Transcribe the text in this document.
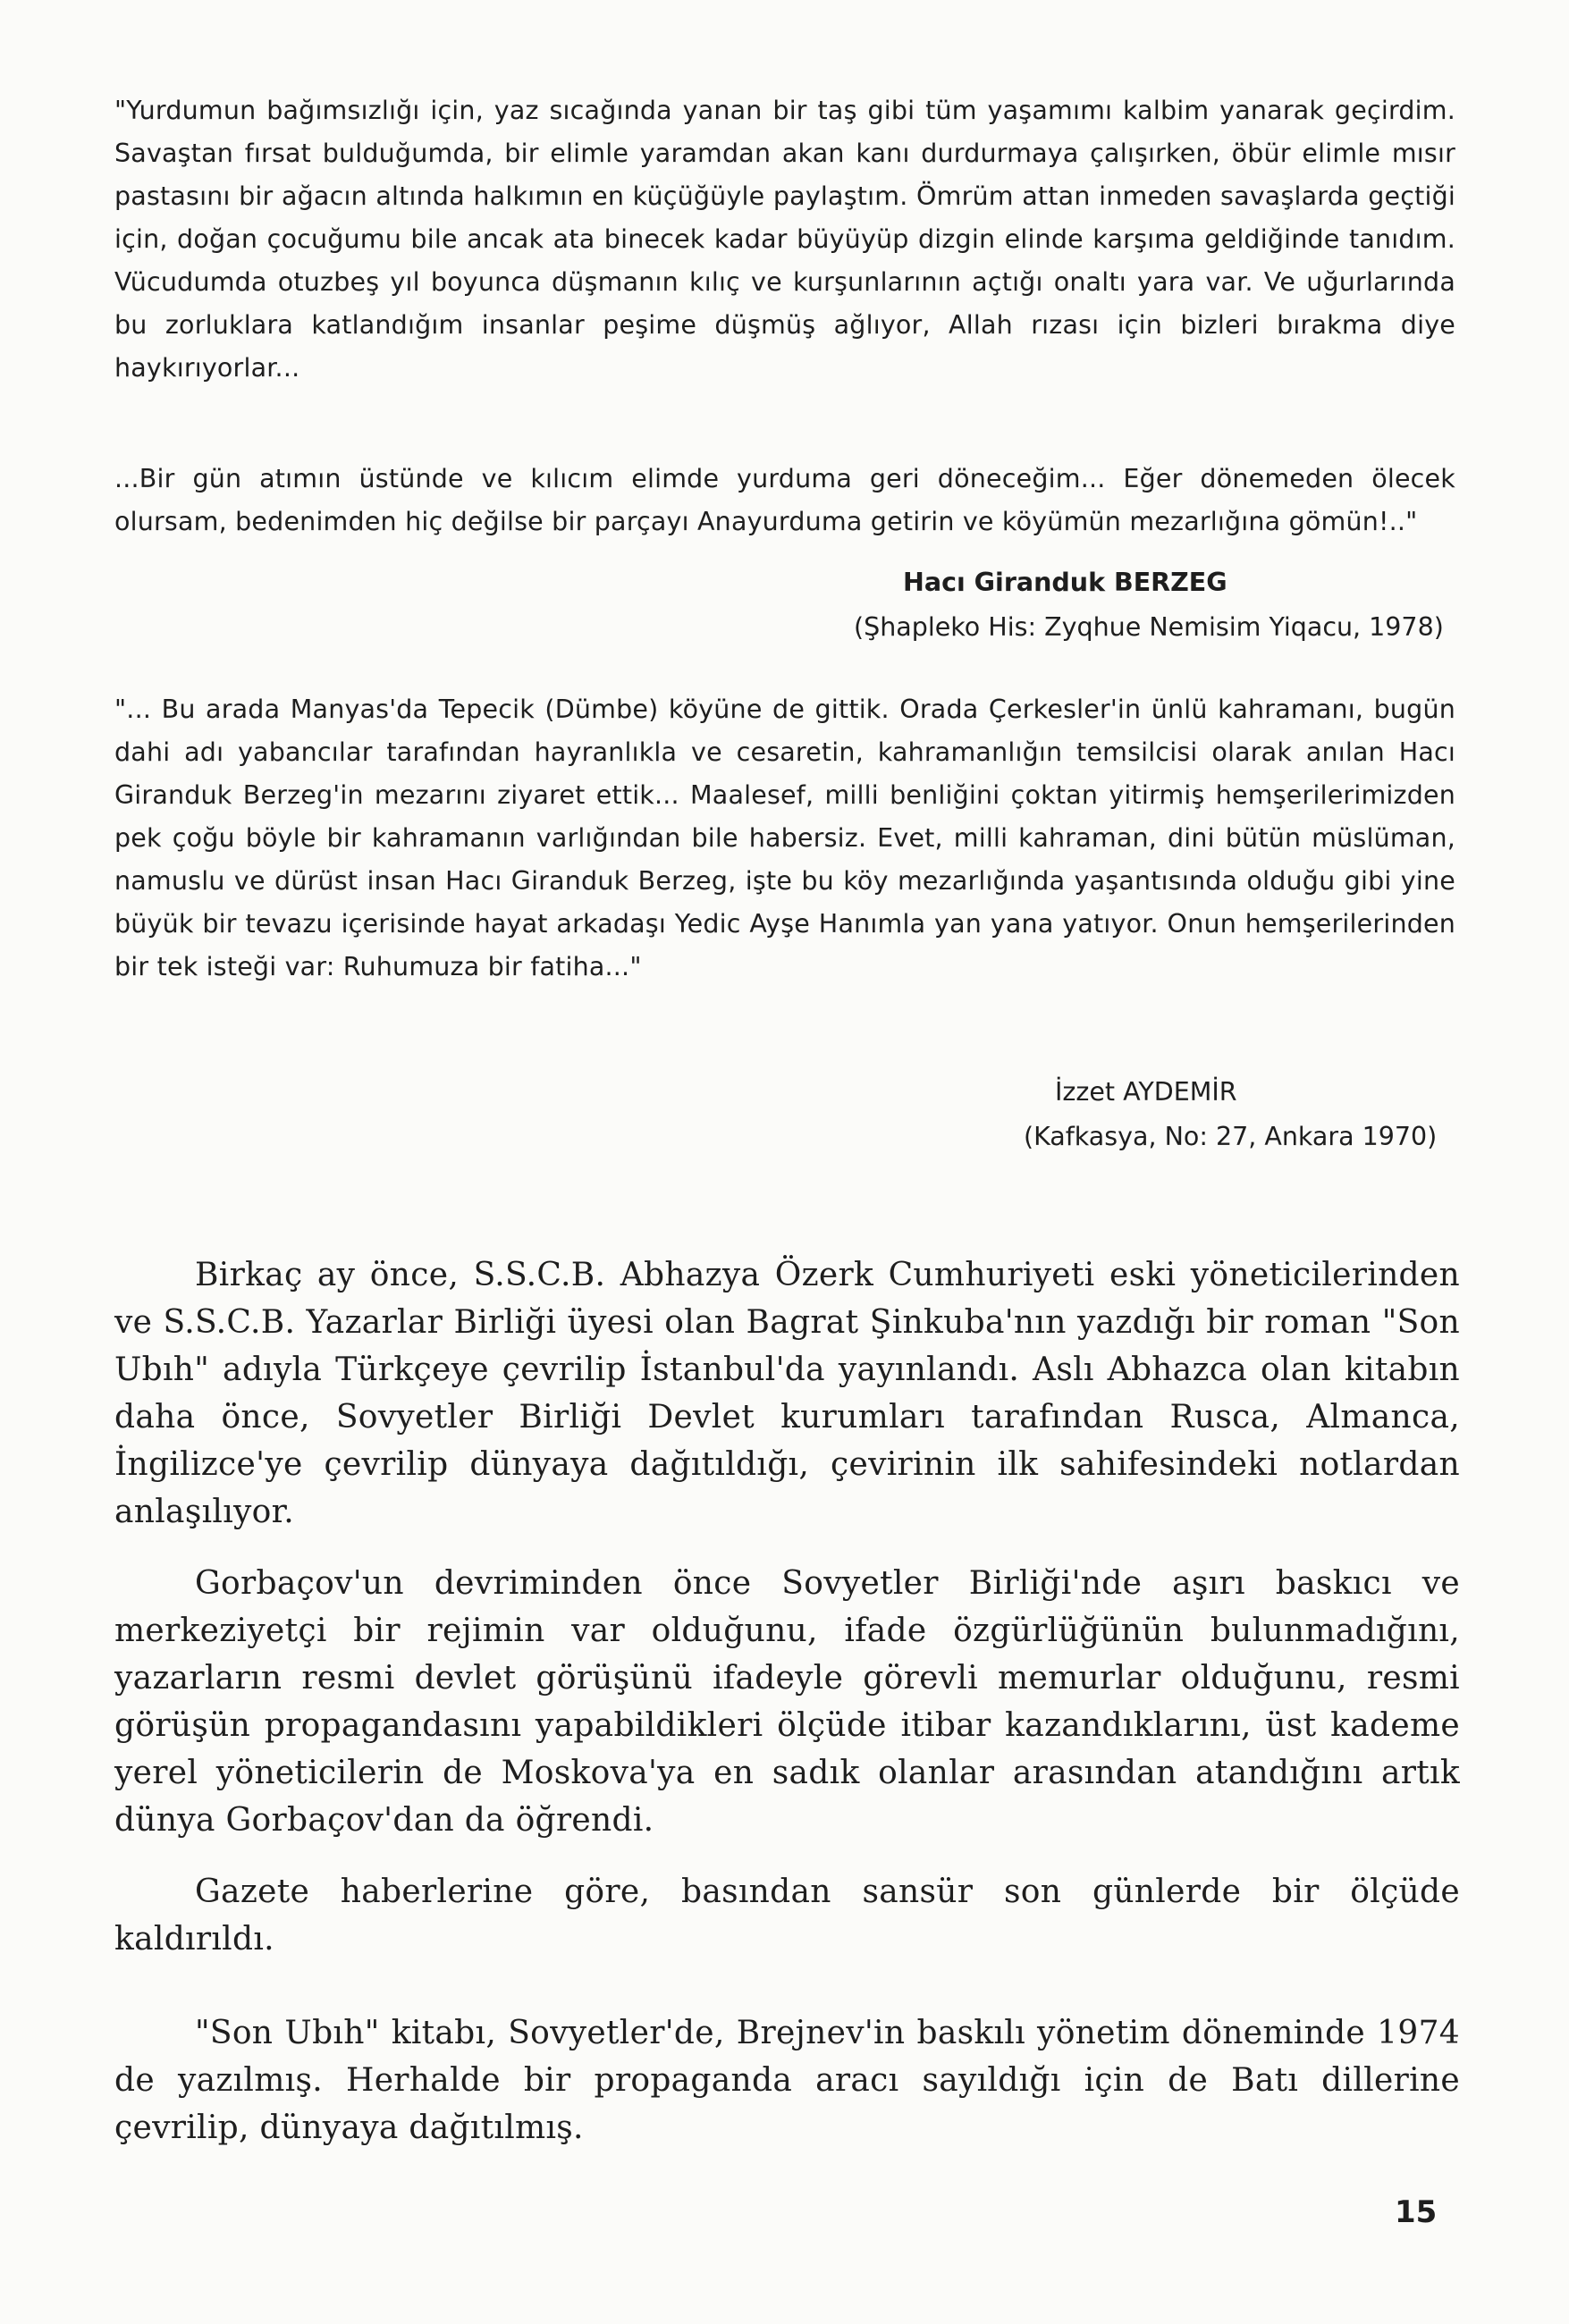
"Yurdumun bağımsızlığı için, yaz sıcağında yanan bir taş gibi tüm yaşamımı kalbim yanarak geçirdim. Savaştan fırsat bulduğumda, bir elimle yaramdan akan kanı durdurmaya çalışırken, öbür elimle mısır pastasını bir ağacın altında halkımın en küçüğüyle paylaştım. Ömrüm attan inmeden savaşlarda geçtiği için, doğan çocuğumu bile ancak ata binecek kadar büyüyüp dizgin elinde karşıma geldiğinde tanıdım. Vücudumda otuzbeş yıl boyunca düşmanın kılıç ve kurşunlarının açtığı onaltı yara var. Ve uğurlarında bu zorluklara katlandığım insanlar peşime düşmüş ağlıyor, Allah rızası için bizleri bırakma diye haykırıyorlar...

...Bir gün atımın üstünde ve kılıcım elimde yurduma geri döneceğim... Eğer dönemeden ölecek olursam, bedenimden hiç değilse bir parçayı Anayurduma getirin ve köyümün mezarlığına gömün!.."

Hacı Giranduk BERZEG

(Şhapleko His: Zyqhue Nemisim Yiqacu, 1978)

"... Bu arada Manyas'da Tepecik (Dümbe) köyüne de gittik. Orada Çerkesler'in ünlü kahramanı, bugün dahi adı yabancılar tarafından hayranlıkla ve cesaretin, kahramanlığın temsilcisi olarak anılan Hacı Giranduk Berzeg'in mezarını ziyaret ettik... Maalesef, milli benliğini çoktan yitirmiş hemşerilerimizden pek çoğu böyle bir kahramanın varlığından bile habersiz. Evet, milli kahraman, dini bütün müslüman, namuslu ve dürüst insan Hacı Giranduk Berzeg, işte bu köy mezarlığında yaşantısında olduğu gibi yine büyük bir tevazu içerisinde hayat arkadaşı Yedic Ayşe Hanımla yan yana yatıyor. Onun hemşerilerinden bir tek isteği var: Ruhumuza bir fatiha..."

İzzet AYDEMİR

(Kafkasya, No: 27, Ankara 1970)

Birkaç ay önce, S.S.C.B. Abhazya Özerk Cumhuriyeti eski yöneticilerinden ve S.S.C.B. Yazarlar Birliği üyesi olan Bagrat Şinkuba'nın yazdığı bir roman "Son Ubıh" adıyla Türkçeye çevrilip İstanbul'da yayınlandı. Aslı Abhazca olan kitabın daha önce, Sovyetler Birliği Devlet kurumları tarafından Rusca, Almanca, İngilizce'ye çevrilip dünyaya dağıtıldığı, çevirinin ilk sahifesindeki notlardan anlaşılıyor.

Gorbaçov'un devriminden önce Sovyetler Birliği'nde aşırı baskıcı ve merkeziyetçi bir rejimin var olduğunu, ifade özgürlüğünün bulunmadığını, yazarların resmi devlet görüşünü ifadeyle görevli memurlar olduğunu, resmi görüşün propagandasını yapabildikleri ölçüde itibar kazandıklarını, üst kademe yerel yöneticilerin de Moskova'ya en sadık olanlar arasından atandığını artık dünya Gorbaçov'dan da öğrendi.

Gazete haberlerine göre, basından sansür son günlerde bir ölçüde kaldırıldı.

"Son Ubıh" kitabı, Sovyetler'de, Brejnev'in baskılı yönetim döneminde 1974 de yazılmış. Herhalde bir propaganda aracı sayıldığı için de Batı dillerine çevrilip, dünyaya dağıtılmış.

15
